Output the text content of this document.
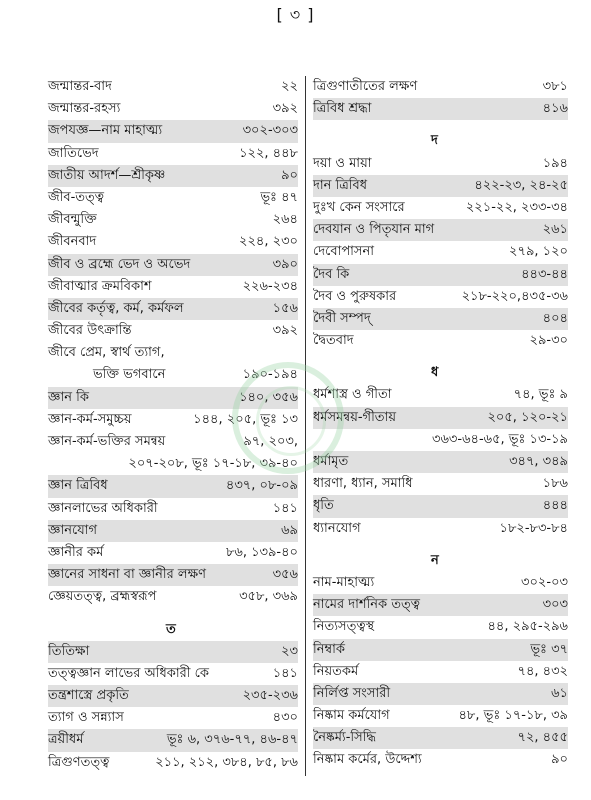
[ ৩ ]
জন্মান্তর-বাদ	২২
জন্মান্তর-রহস্য	৩৯২
জপযজ্ঞ—নাম মাহাত্ম্য	৩০২-৩০৩
জাতিভেদ	১২২, ৪৪৮
জাতীয় আদর্শ—শ্রীকৃষ্ণ	৯০
জীব-তত্ত্ব	ভূঃ ৪৭
জীবন্মুক্তি	২৬৪
জীবনবাদ	২২৪, ২৩০
জীব ও ব্রহ্মে ভেদ ও অভেদ	৩৯০
জীবাত্মার ক্রমবিকাশ	২২৬-২৩৪
জীবের কর্তৃত্ব, কর্ম, কর্মফল	১৫৬
জীবের উৎক্রান্তি	৩৯২
জীবে প্রেম, স্বার্থ ত্যাগ,
ভক্তি ভগবানে	১৯০-১৯৪
জ্ঞান কি	১৪০, ৩৫৬
জ্ঞান-কর্ম-সমুচ্চয়	১৪৪, ২০৫, ভূঃ ১৩
জ্ঞান-কর্ম-ভক্তির সমন্বয়	৯৭, ২০৩,
২০৭-২০৮, ভূঃ ১৭-১৮, ৩৯-৪০
জ্ঞান ত্রিবিধ	৪৩৭, ০৮-০৯
জ্ঞানলাভের অধিকারী	১৪১
জ্ঞানযোগ	৬৯
জ্ঞানীর কর্ম	৮৬, ১৩৯-৪০
জ্ঞানের সাধনা বা জ্ঞানীর লক্ষণ	৩৫৬
জ্ঞেয়তত্ত্ব, ব্রহ্মস্বরূপ	৩৫৮, ৩৬৯
ত
তিতিক্ষা	২৩
তত্ত্বজ্ঞান লাভের অধিকারী কে	১৪১
তন্ত্রশাস্ত্রে প্রকৃতি	২৩৫-২৩৬
ত্যাগ ও সন্ন্যাস	৪৩০
ত্রয়ীধর্ম	ভূঃ ৬, ৩৭৬-৭৭, ৪৬-৪৭
ত্রিগুণতত্ত্ব	২১১, ২১২, ৩৮৪, ৮৫, ৮৬
ত্রিগুণাতীতের লক্ষণ	৩৮১
ত্রিবিধ শ্রদ্ধা	৪১৬
দ
দয়া ও মায়া	১৯৪
দান ত্রিবিধ	৪২২-২৩, ২৪-২৫
দুঃখ কেন সংসারে	২২১-২২, ২৩৩-৩৪
দেবযান ও পিতৃযান মাগ	২৬১
দেবোপাসনা	২৭৯, ১২০
দৈব কি	৪৪৩-৪৪
দৈব ও পুরুষকার	২১৮-২২০,৪৩৫-৩৬
দৈবী সম্পদ্	৪০৪
দ্বৈতবাদ	২৯-৩০
ধ
ধর্মশাস্ত্র ও গীতা	৭৪, ভূঃ ৯
ধর্মসমন্বয়-গীতায়	২০৫, ১২০-২১
৩৬৩-৬৪-৬৫, ভূঃ ১৩-১৯
ধর্মামৃত	৩৪৭, ৩৪৯
ধারণা, ধ্যান, সমাধি	১৮৬
ধৃতি	৪৪৪
ধ্যানযোগ	১৮২-৮৩-৮৪
ন
নাম-মাহাত্ম্য	৩০২-০৩
নামের দার্শনিক তত্ত্ব	৩০৩
নিত্যসত্ত্বস্থ	৪৪, ২৯৫-২৯৬
নিম্বার্ক	ভূঃ ৩৭
নিয়তকর্ম	৭৪, ৪৩২
নির্লিপ্ত সংসারী	৬১
নিষ্কাম কর্মযোগ	৪৮, ভূঃ ১৭-১৮, ৩৯
নৈষ্কর্ম্য-সিদ্ধি	৭২, ৪৫৫
নিষ্কাম কর্মের, উদ্দেশ্য	৯০
